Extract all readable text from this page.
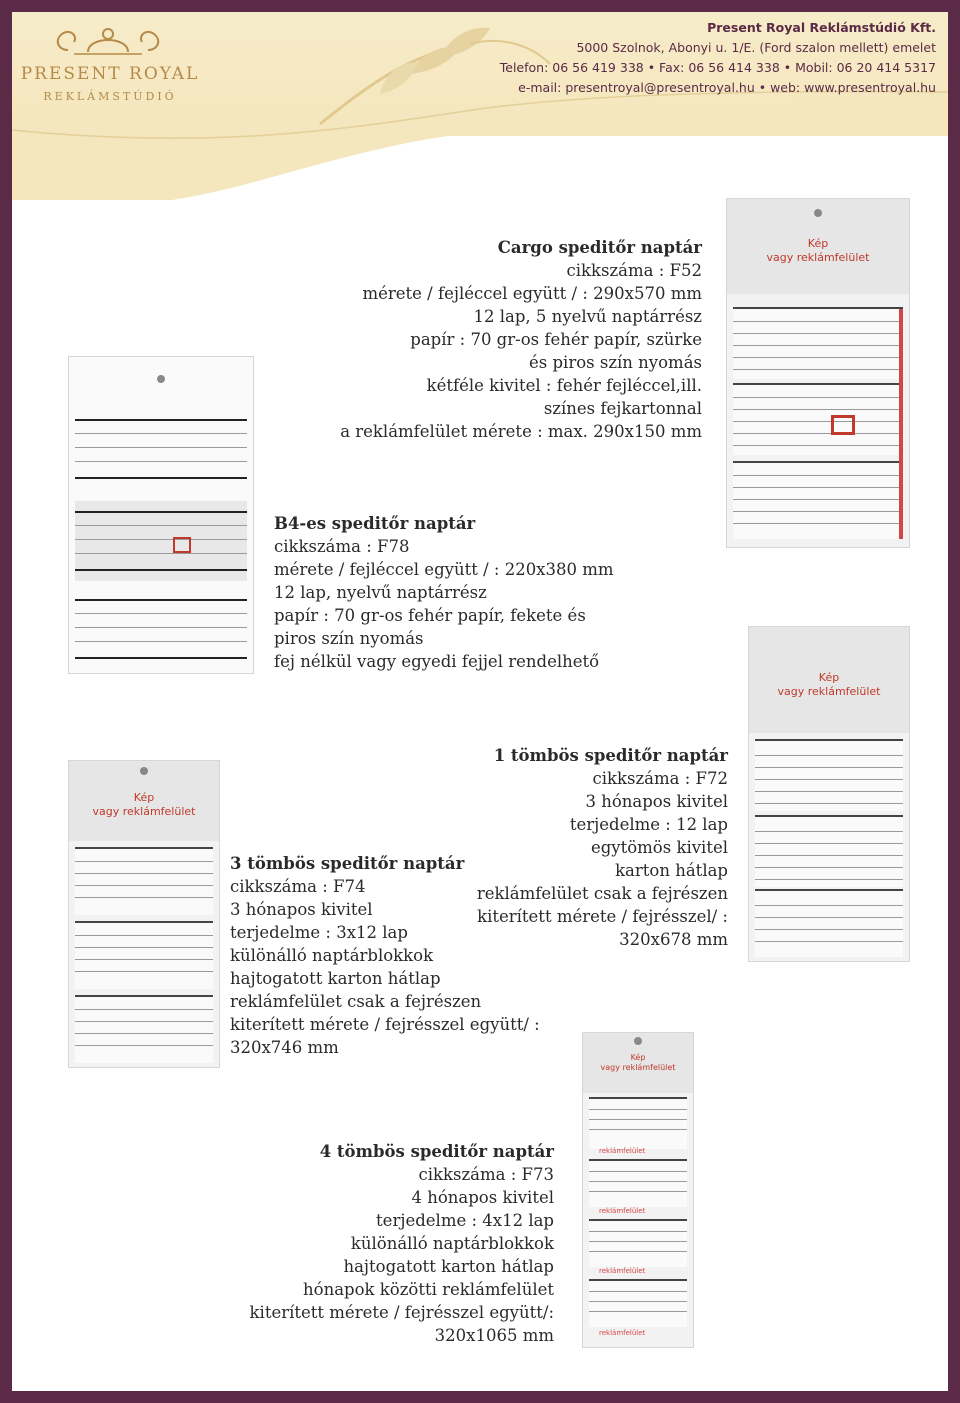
PRESENT ROYAL
REKLÁMSTÚDIÓ
Present Royal Reklámstúdió Kft.
5000 Szolnok, Abonyi u. 1/E. (Ford szalon mellett) emelet
Telefon: 06 56 419 338 • Fax: 06 56 414 338 • Mobil: 06 20 414 5317
e-mail: presentroyal@presentroyal.hu • web: www.presentroyal.hu
Kép
vagy reklámfelület
Kép
vagy reklámfelület
Kép
vagy reklámfelület
Kép
vagy reklámfelület
reklámfelület
reklámfelület
reklámfelület
reklámfelület
Cargo speditőr naptár
cikkszáma : F52
mérete / fejléccel együtt / : 290x570 mm
12 lap, 5 nyelvű naptárrész
papír : 70 gr-os fehér papír, szürke
és piros szín nyomás
kétféle kivitel : fehér fejléccel,ill.
színes fejkartonnal
a reklámfelület mérete : max. 290x150 mm
B4-es speditőr naptár
cikkszáma : F78
mérete / fejléccel együtt / : 220x380 mm
12 lap, nyelvű naptárrész
papír : 70 gr-os fehér papír, fekete és
piros szín nyomás
fej nélkül vagy egyedi fejjel rendelhető
1 tömbös speditőr naptár
cikkszáma : F72
3 hónapos kivitel
terjedelme : 12 lap
egytömös kivitel
karton hátlap
reklámfelület csak a fejrészen
kiterített mérete / fejrésszel/ :
320x678 mm
3 tömbös speditőr naptár
cikkszáma : F74
3 hónapos kivitel
terjedelme : 3x12 lap
különálló naptárblokkok
hajtogatott karton hátlap
reklámfelület csak a fejrészen
kiterített mérete / fejrésszel együtt/ :
320x746 mm
4 tömbös speditőr naptár
cikkszáma : F73
4 hónapos kivitel
terjedelme : 4x12 lap
különálló naptárblokkok
hajtogatott karton hátlap
hónapok közötti reklámfelület
kiterített mérete / fejrésszel együtt/:
320x1065 mm
